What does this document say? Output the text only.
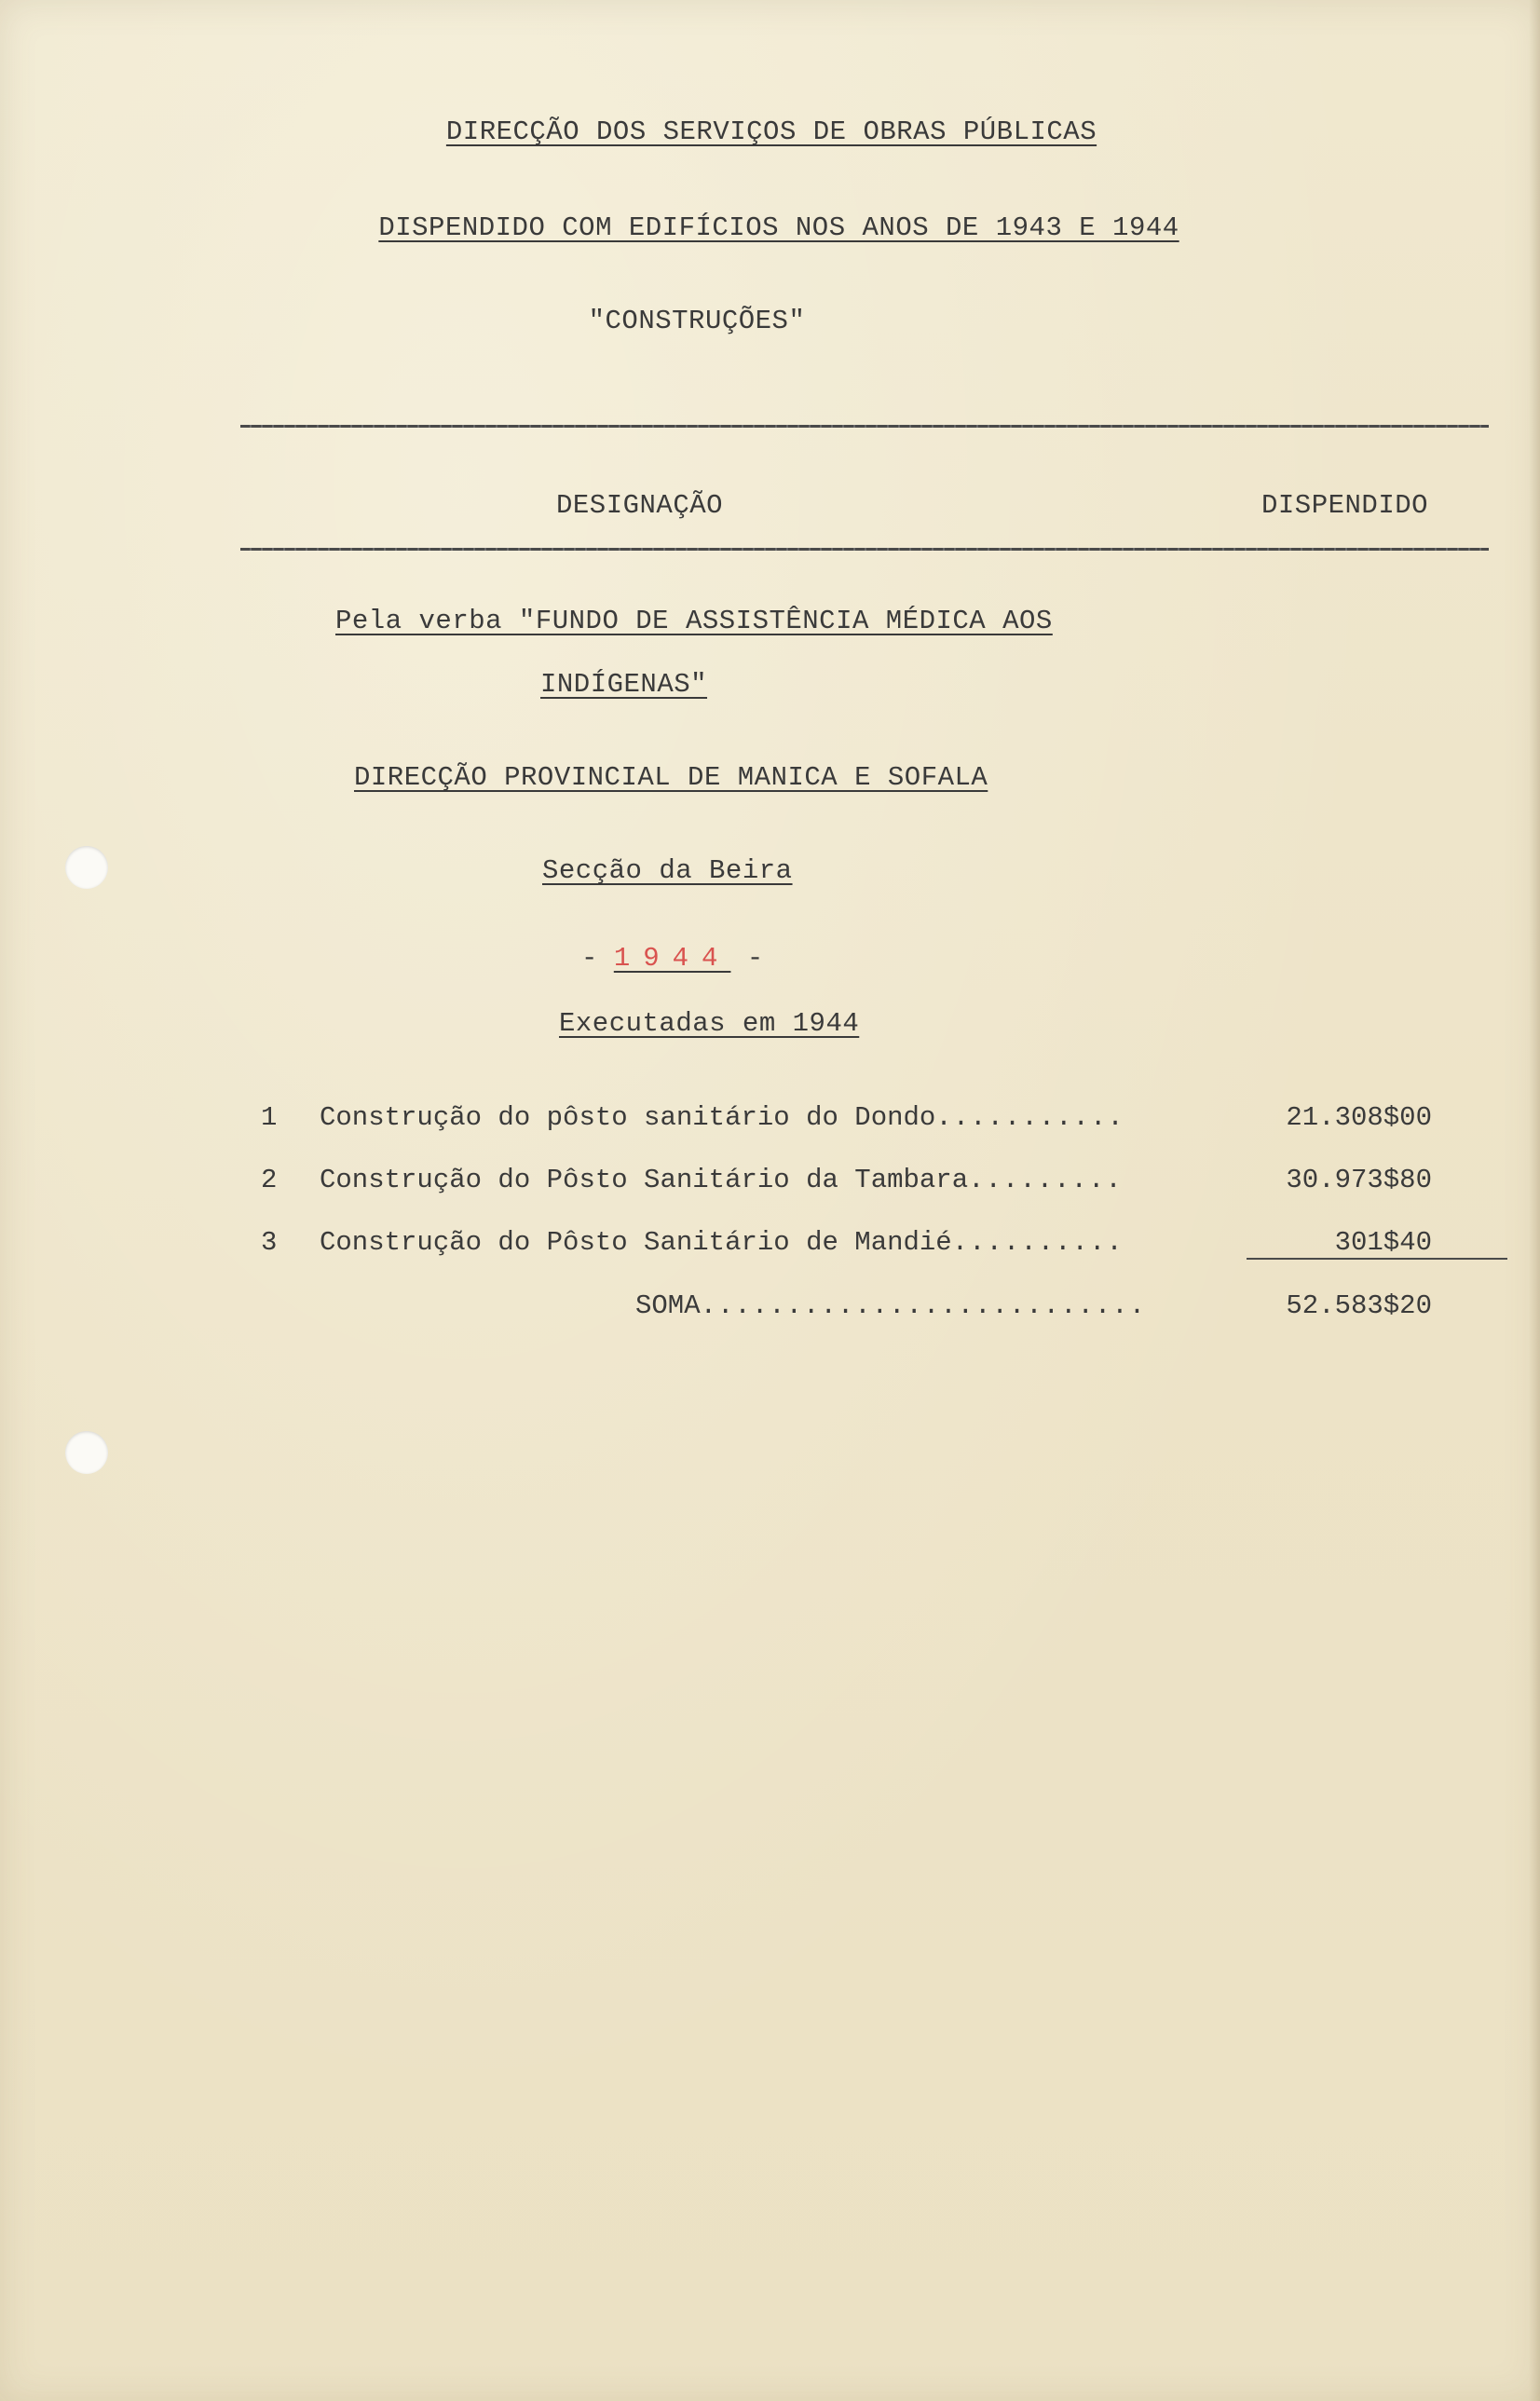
DIRECÇÃO DOS SERVIÇOS DE OBRAS PÚBLICAS
DISPENDIDO COM EDIFÍCIOS NOS ANOS DE 1943 E 1944
"CONSTRUÇÕES"
DESIGNAÇÃO	DISPENDIDO
Pela verba "FUNDO DE ASSISTÊNCIA MÉDICA AOS
INDÍGENAS"
DIRECÇÃO PROVINCIAL DE MANICA E SOFALA
Secção da Beira
- 1944 -
Executadas em 1944
1 Construção do pôsto sanitário do Dondo...........	21.308$00
2 Construção do Pôsto Sanitário da Tambara.........	30.973$80
3 Construção do Pôsto Sanitário de Mandié..........	301$40
SOMA..........................	52.583$20
